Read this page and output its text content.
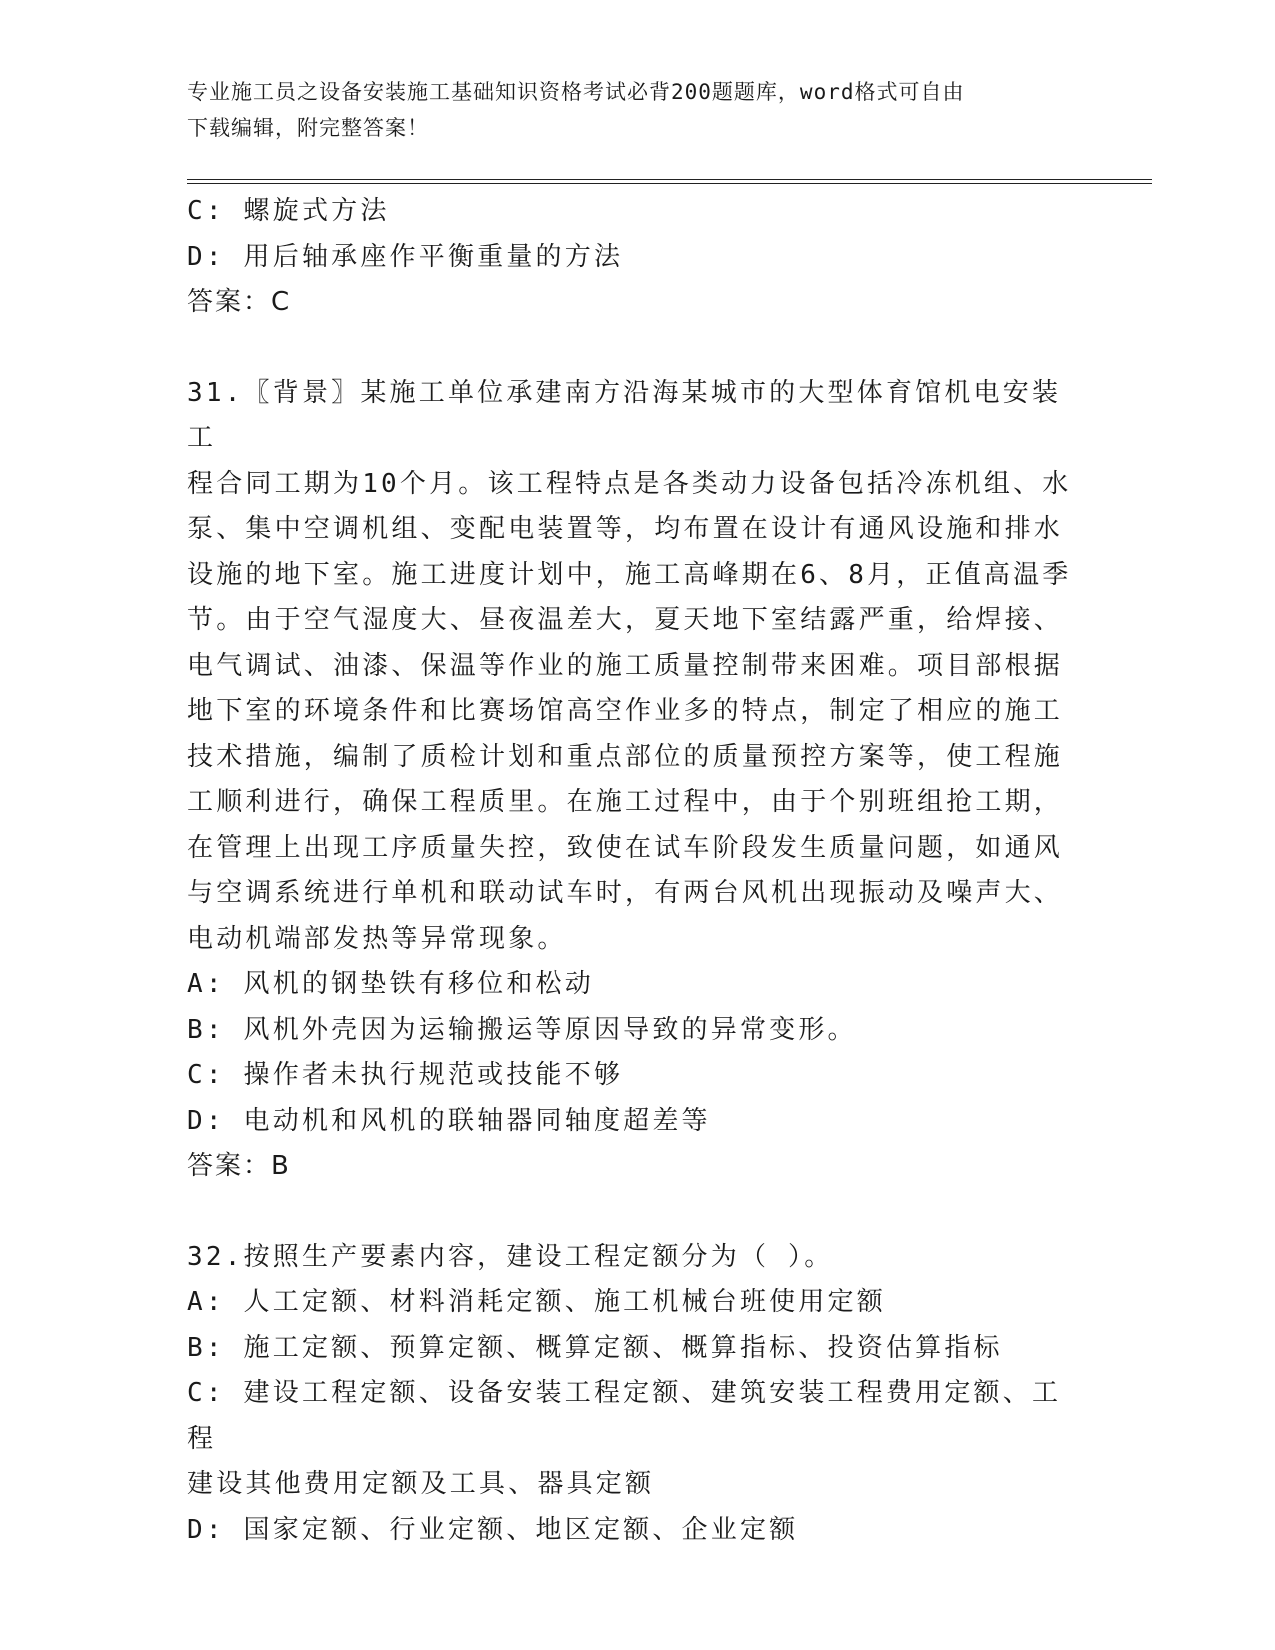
专业施工员之设备安装施工基础知识资格考试必背200题题库，word格式可自由
下载编辑，附完整答案！
C: 螺旋式方法
D: 用后轴承座作平衡重量的方法
答案：C
31.〖背景〗某施工单位承建南方沿海某城市的大型体育馆机电安装工
程合同工期为10个月。该工程特点是各类动力设备包括冷冻机组、水
泵、集中空调机组、变配电装置等，均布置在设计有通风设施和排水
设施的地下室。施工进度计划中，施工高峰期在6、8月，正值高温季
节。由于空气湿度大、昼夜温差大，夏天地下室结露严重，给焊接、
电气调试、油漆、保温等作业的施工质量控制带来困难。项目部根据
地下室的环境条件和比赛场馆高空作业多的特点，制定了相应的施工
技术措施，编制了质检计划和重点部位的质量预控方案等，使工程施
工顺利进行，确保工程质里。在施工过程中，由于个别班组抢工期，
在管理上出现工序质量失控，致使在试车阶段发生质量问题，如通风
与空调系统进行单机和联动试车时，有两台风机出现振动及噪声大、
电动机端部发热等异常现象。
A: 风机的钢垫铁有移位和松动
B: 风机外壳因为运输搬运等原因导致的异常变形。
C: 操作者未执行规范或技能不够
D: 电动机和风机的联轴器同轴度超差等
答案：B
32.按照生产要素内容，建设工程定额分为（ ）。
A: 人工定额、材料消耗定额、施工机械台班使用定额
B: 施工定额、预算定额、概算定额、概算指标、投资估算指标
C: 建设工程定额、设备安装工程定额、建筑安装工程费用定额、工程
建设其他费用定额及工具、器具定额
D: 国家定额、行业定额、地区定额、企业定额
